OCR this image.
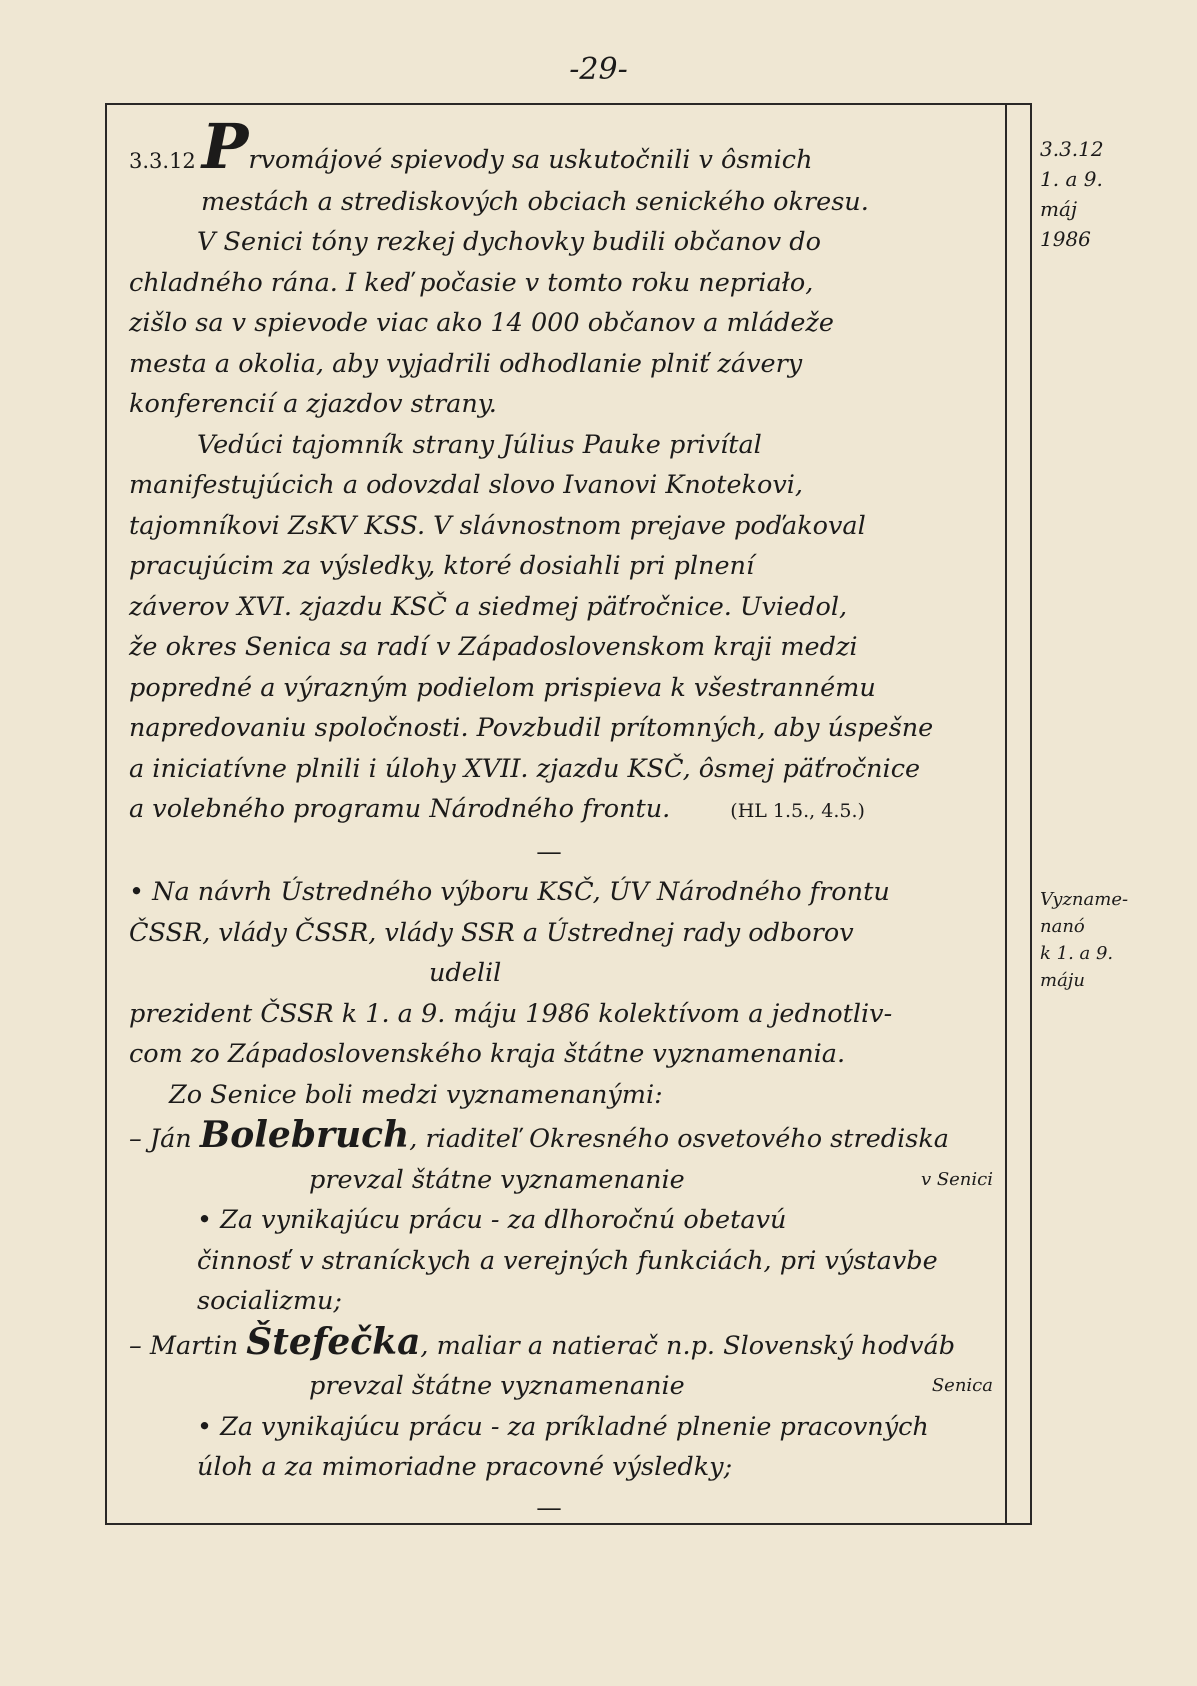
-29-
3.3.12Prvomájové spievody sa uskutočnili v ôsmich
mestách a strediskových obciach senického okresu.
V Senici tóny rezkej dychovky budili občanov do
chladného rána. I keď počasie v tomto roku nepriało,
zišlo sa v spievode viac ako 14 000 občanov a mládeže
mesta a okolia, aby vyjadrili odhodlanie plniť závery
konferencií a zjazdov strany.
Vedúci tajomník strany Július Pauke privítal
manifestujúcich a odovzdal slovo Ivanovi Knotekovi,
tajomníkovi ZsKV KSS. V slávnostnom prejave poďakoval
pracujúcim za výsledky, ktoré dosiahli pri plnení
záverov XVI. zjazdu KSČ a siedmej päťročnice. Uviedol,
že okres Senica sa radí v Západoslovenskom kraji medzi
popredné a výrazným podielom prispieva k všestrannému
napredovaniu spoločnosti. Povzbudil prítomných, aby úspešne
a iniciatívne plnili i úlohy XVII. zjazdu KSČ, ôsmej päťročnice
a volebného programu Národného frontu.	(HL 1.5., 4.5.)
—
• Na návrh Ústredného výboru KSČ, ÚV Národného frontu
ČSSR, vlády ČSSR, vlády SSR a Ústrednej rady odborov
udelil
prezident ČSSR k 1. a 9. máju 1986 kolektívom a jednotliv-
com zo Západoslovenského kraja štátne vyznamenania.
Zo Senice boli medzi vyznamenanými:
– Ján Bolebruch, riaditeľ Okresného osvetového strediska
prevzal štátne vyznamenanie	v Senici
• Za vynikajúcu prácu - za dlhoročnú obetavú
činnosť v straníckych a verejných funkciách, pri výstavbe
socializmu;
– Martin Štefečka, maliar a natierač n.p. Slovenský hodváb
prevzal štátne vyznamenanie	Senica
• Za vynikajúcu prácu - za príkladné plnenie pracovných
úloh a za mimoriadne pracovné výsledky;
—
3.3.12
1. a 9.
máj
1986
Vyzname-
nanó
k 1. a 9.
máju
